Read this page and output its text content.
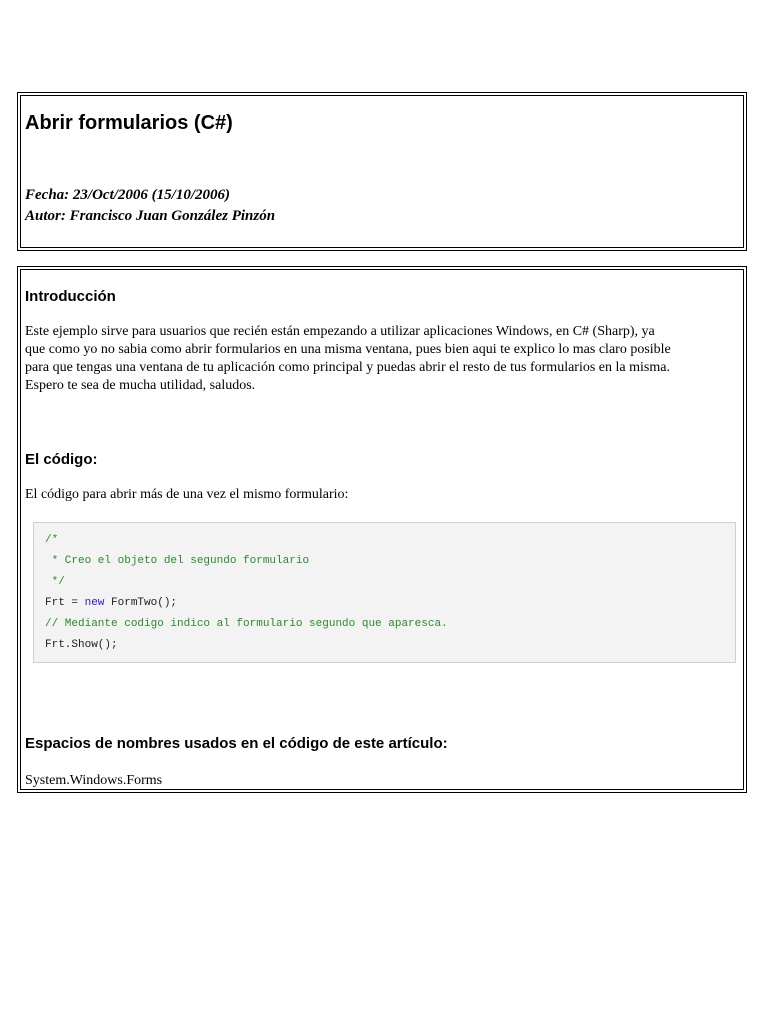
Abrir formularios (C#)

Fecha: 23/Oct/2006 (15/10/2006)

Autor: Francisco Juan González Pinzón

Introducción

Este ejemplo sirve para usuarios que recién están empezando a utilizar aplicaciones Windows, en C# (Sharp), ya
que como yo no sabia como abrir formularios en una misma ventana, pues bien aqui te explico lo mas claro posible
para que tengas una ventana de tu aplicación como principal y puedas abrir el resto de tus formularios en la misma.
Espero te sea de mucha utilidad, saludos.

El código:

El código para abrir más de una vez el mismo formulario:

/*
* Creo el objeto del segundo formulario
*/
Frt = new FormTwo();
// Mediante codigo indico al formulario segundo que aparesca.
Frt.Show();
Espacios de nombres usados en el código de este artículo:

System.Windows.Forms
